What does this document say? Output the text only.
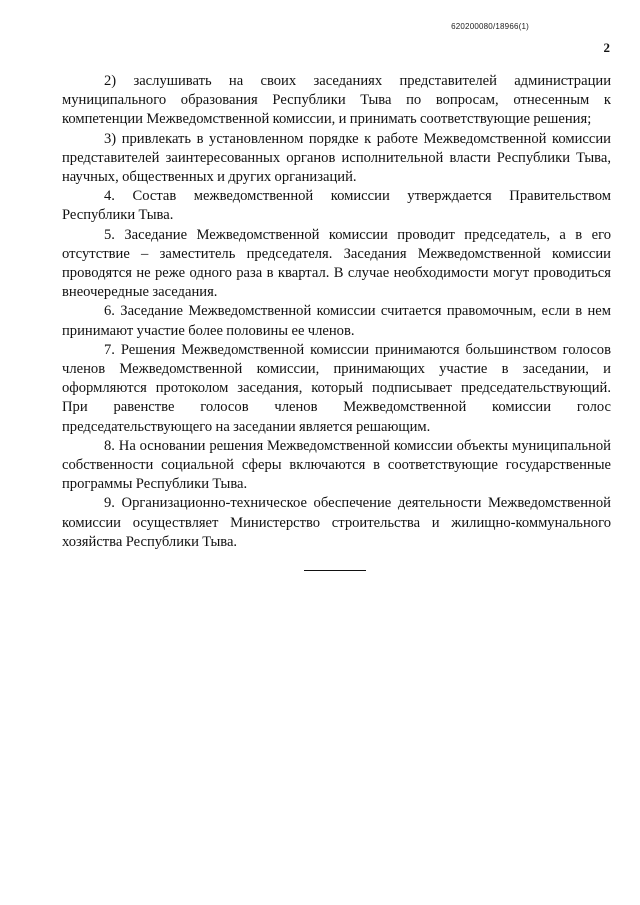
620200080/18966(1)
2

2) заслушивать на своих заседаниях представителей администрации муниципального образования Республики Тыва по вопросам, отнесенным к компетенции Межведомственной комиссии, и принимать соответствующие решения;

3) привлекать в установленном порядке к работе Межведомственной комиссии представителей заинтересованных органов исполнительной власти Республики Тыва, научных, общественных и других организаций.

4. Состав межведомственной комиссии утверждается Правительством Республики Тыва.

5. Заседание Межведомственной комиссии проводит председатель, а в его отсутствие – заместитель председателя. Заседания Межведомственной комиссии проводятся не реже одного раза в квартал. В случае необходимости могут проводиться внеочередные заседания.

6. Заседание Межведомственной комиссии считается правомочным, если в нем принимают участие более половины ее членов.

7. Решения Межведомственной комиссии принимаются большинством голосов членов Межведомственной комиссии, принимающих участие в заседании, и оформляются протоколом заседания, который подписывает председательствующий. При равенстве голосов членов Межведомственной комиссии голос председательствующего на заседании является решающим.

8. На основании решения Межведомственной комиссии объекты муниципальной собственности социальной сферы включаются в соответствующие государственные программы Республики Тыва.

9. Организационно-техническое обеспечение деятельности Межведомственной комиссии осуществляет Министерство строительства и жилищно-коммунального хозяйства Республики Тыва.
